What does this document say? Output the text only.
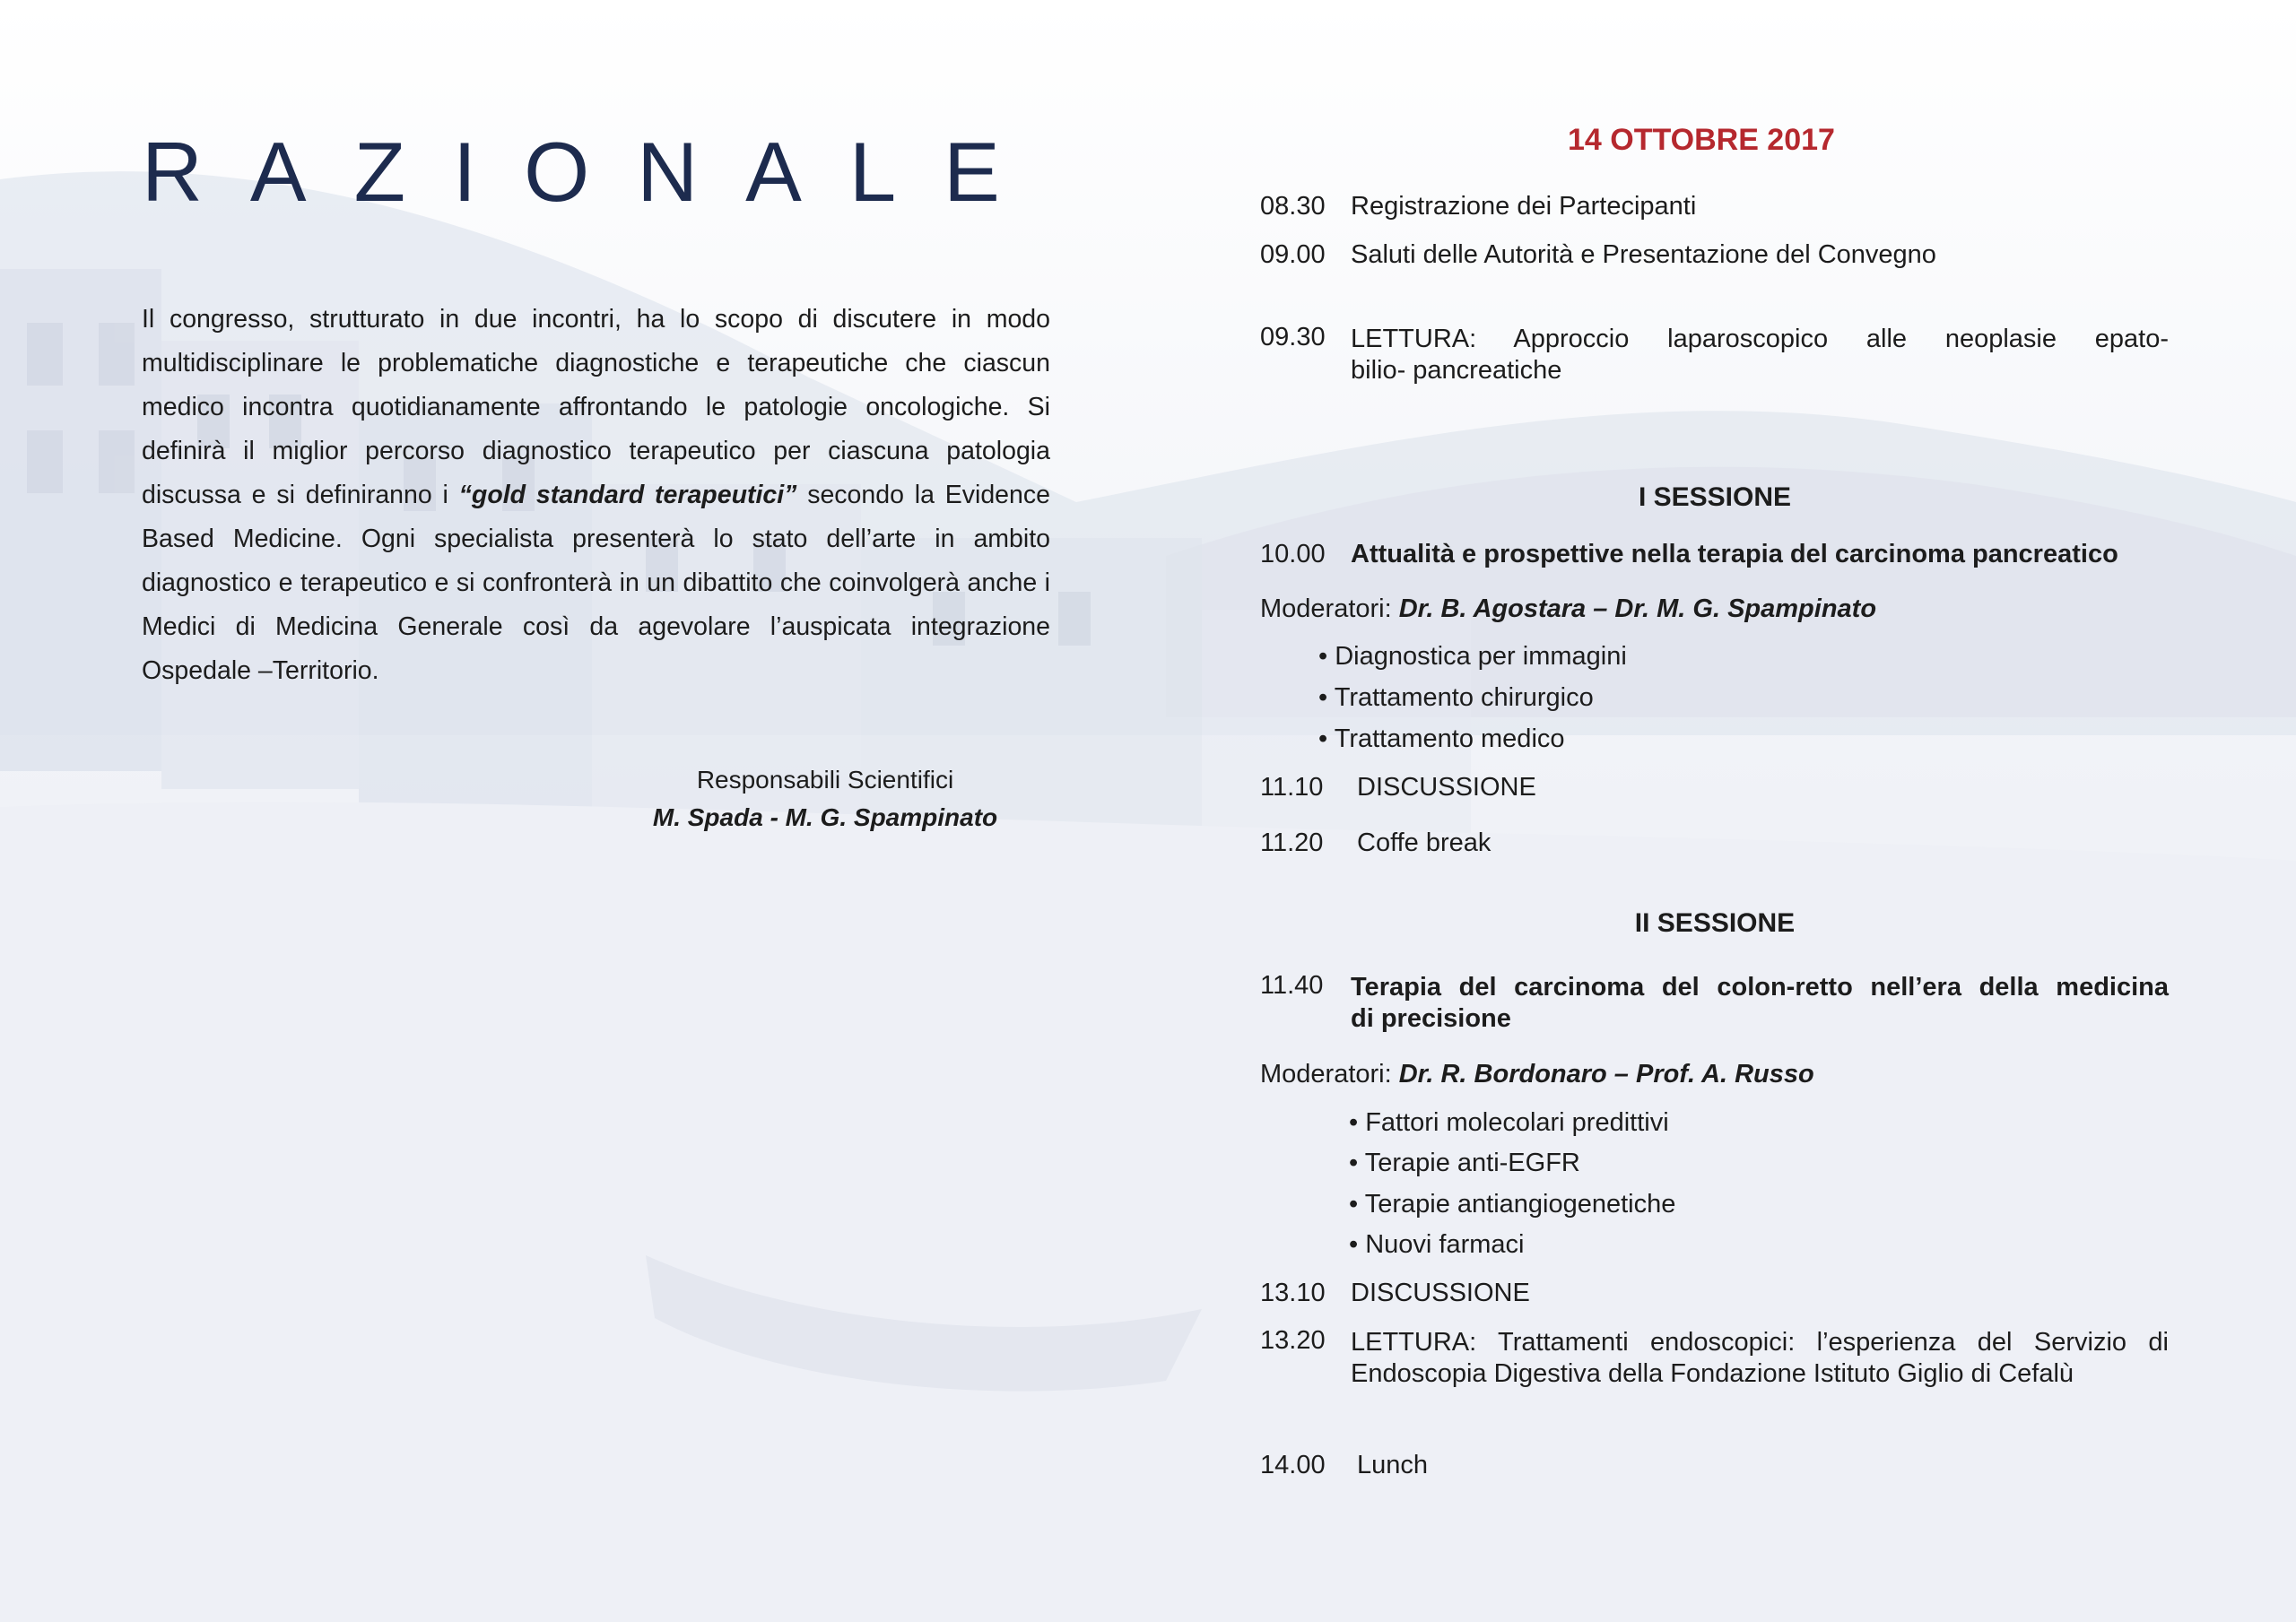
RAZIONALE

Il congresso, strutturato in due incontri, ha lo scopo di discutere in modo multidisciplinare le problematiche diagnostiche e terapeutiche che ciascun medico incontra quotidianamente affrontando le patologie oncologiche. Si definirà il miglior percorso diagnostico terapeutico per ciascuna patologia discussa e si definiranno i “gold standard terapeutici” secondo la Evidence Based Medicine. Ogni specialista presenterà lo stato dell’arte in ambito diagnostico e terapeutico e si confronterà in un dibattito che coinvolgerà anche i Medici di Medicina Generale così da agevolare l’auspicata integrazione Ospedale –Territorio.

Responsabili Scientifici
M. Spada - M. G. Spampinato
14 OTTOBRE 2017
08.30 Registrazione dei Partecipanti
09.00 Saluti delle Autorità e Presentazione del Convegno
09.30 LETTURA: Approccio laparoscopico alle neoplasie epato-
bilio- pancreatiche
I SESSIONE
10.00 Attualità e prospettive nella terapia del carcinoma pancreatico
Moderatori: Dr. B. Agostara – Dr. M. G. Spampinato
• Diagnostica per immagini
• Trattamento chirurgico
• Trattamento medico
11.10 DISCUSSIONE
11.20 Coffe break
II SESSIONE
11.40 Terapia del carcinoma del colon-retto nell’era della medicina
di precisione
Moderatori: Dr. R. Bordonaro – Prof. A. Russo
• Fattori molecolari predittivi
• Terapie anti-EGFR
• Terapie antiangiogenetiche
• Nuovi farmaci
13.10 DISCUSSIONE
13.20 LETTURA: Trattamenti endoscopici: l’esperienza del Servizio di
Endoscopia Digestiva della Fondazione Istituto Giglio di Cefalù
14.00 Lunch
